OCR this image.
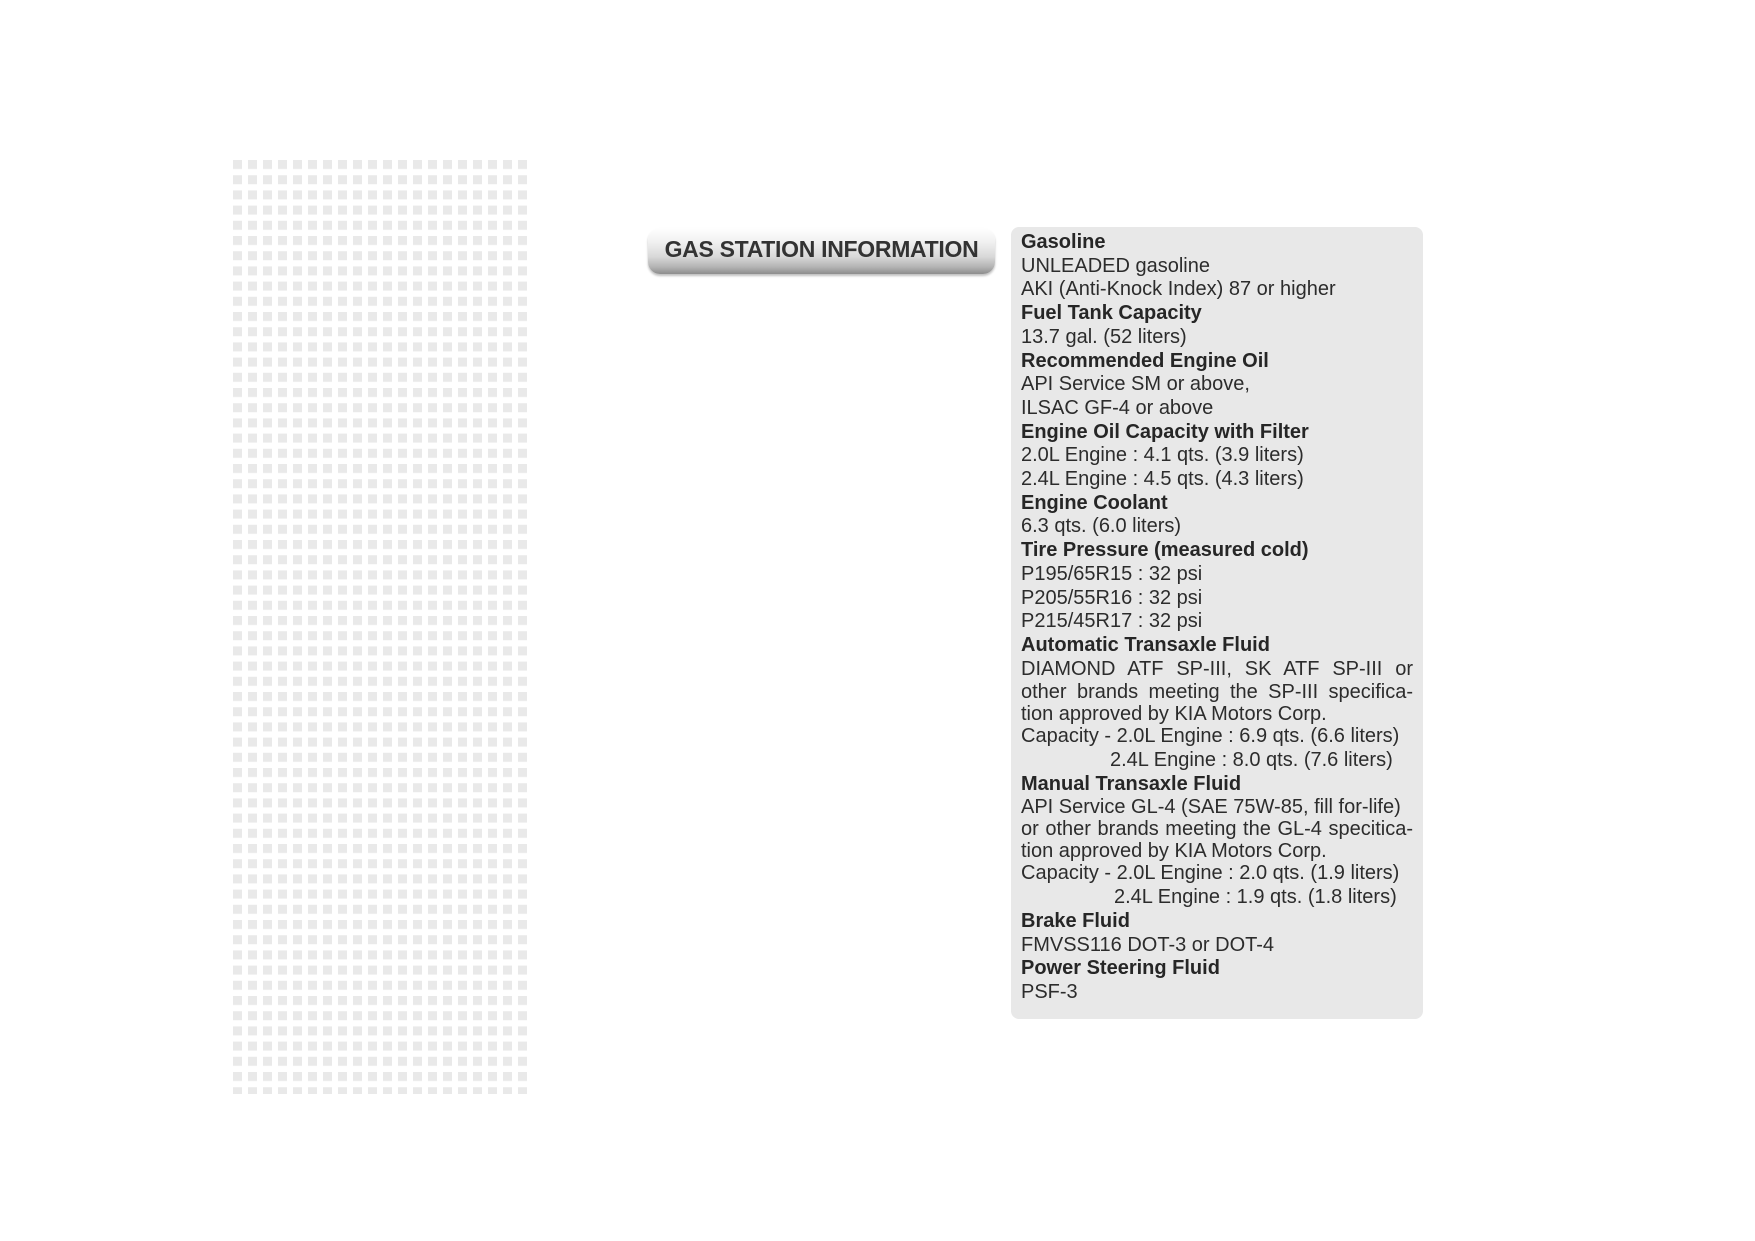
GAS STATION INFORMATION Gasoline
UNLEADED gasoline
AKI (Anti-Knock Index) 87 or higher
Fuel Tank Capacity
13.7 gal. (52 liters)
Recommended Engine Oil
API Service SM or above,
ILSAC GF-4 or above
Engine Oil Capacity with Filter
2.0L Engine : 4.1 qts. (3.9 liters)
2.4L Engine : 4.5 qts. (4.3 liters)
Engine Coolant
6.3 qts. (6.0 liters)
Tire Pressure (measured cold)
P195/65R15 : 32 psi
P205/55R16 : 32 psi
P215/45R17 : 32 psi
Automatic Transaxle Fluid
DIAMOND ATF SP-III, SK ATF SP-III or
other brands meeting the SP-III specifica-
tion approved by KIA Motors Corp.
Capacity - 2.0L Engine : 6.9 qts. (6.6 liters)
2.4L Engine : 8.0 qts. (7.6 liters)
Manual Transaxle Fluid
API Service GL-4 (SAE 75W-85, fill for-life)
or other brands meeting the GL-4 specitica-
tion approved by KIA Motors Corp.
Capacity - 2.0L Engine : 2.0 qts. (1.9 liters)
2.4L Engine : 1.9 qts. (1.8 liters)
Brake Fluid
FMVSS116 DOT-3 or DOT-4
Power Steering Fluid
PSF-3
